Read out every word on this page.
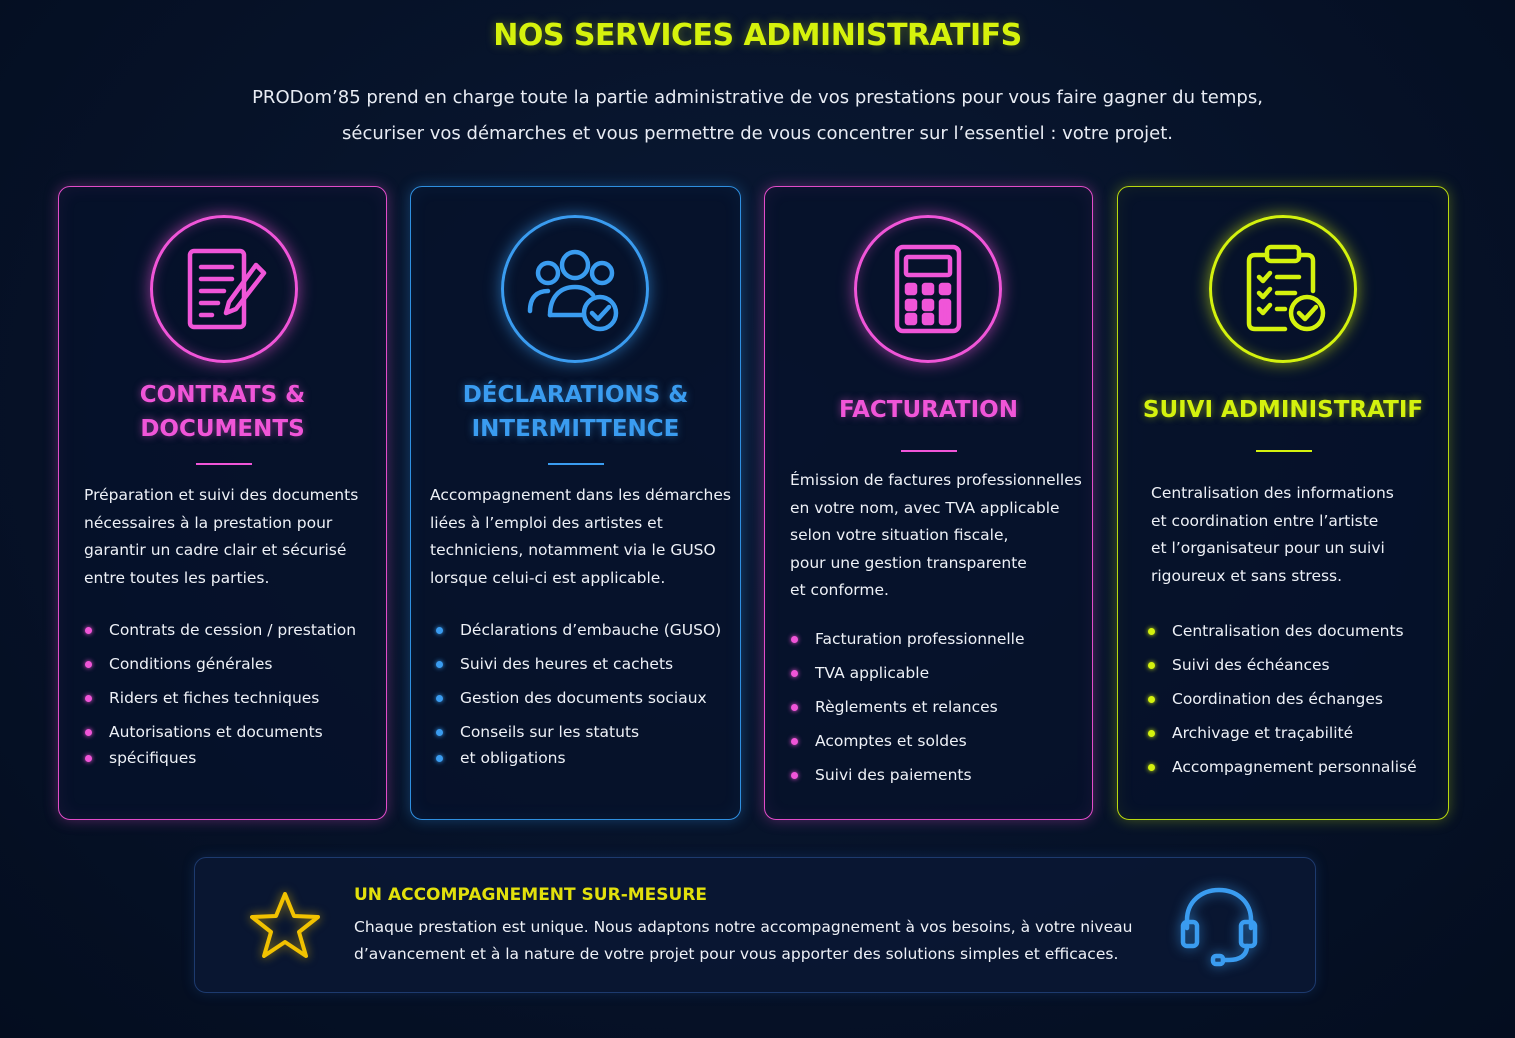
NOS SERVICES ADMINISTRATIFS
PRODom’85 prend en charge toute la partie administrative de vos prestations pour vous faire gagner du temps,
sécuriser vos démarches et vous permettre de vous concentrer sur l’essentiel : votre projet.
CONTRATS &
DOCUMENTS
Préparation et suivi des documents
nécessaires à la prestation pour
garantir un cadre clair et sécurisé
entre toutes les parties.
Contrats de cession / prestation
Conditions générales
Riders et fiches techniques
Autorisations et documents
spécifiques
DÉCLARATIONS &
INTERMITTENCE
Accompagnement dans les démarches
liées à l’emploi des artistes et
techniciens, notamment via le GUSO
lorsque celui-ci est applicable.
Déclarations d’embauche (GUSO)
Suivi des heures et cachets
Gestion des documents sociaux
Conseils sur les statuts
et obligations
FACTURATION
Émission de factures professionnelles
en votre nom, avec TVA applicable
selon votre situation fiscale,
pour une gestion transparente
et conforme.
Facturation professionnelle
TVA applicable
Règlements et relances
Acomptes et soldes
Suivi des paiements
SUIVI ADMINISTRATIF
Centralisation des informations
et coordination entre l’artiste
et l’organisateur pour un suivi
rigoureux et sans stress.
Centralisation des documents
Suivi des échéances
Coordination des échanges
Archivage et traçabilité
Accompagnement personnalisé
UN ACCOMPAGNEMENT SUR-MESURE
Chaque prestation est unique. Nous adaptons notre accompagnement à vos besoins, à votre niveau
d’avancement et à la nature de votre projet pour vous apporter des solutions simples et efficaces.
